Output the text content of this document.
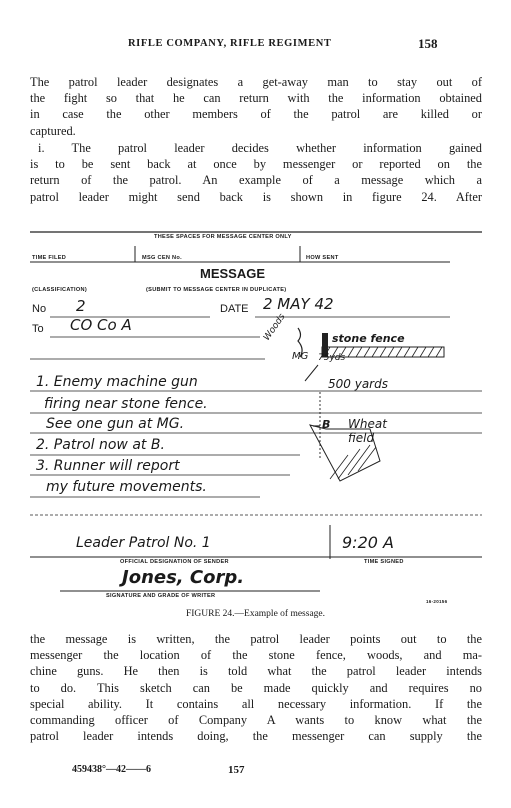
RIFLE COMPANY, RIFLE REGIMENT	158
The patrol leader designates a get-away man to stay out of
the fight so that he can return with the information obtained
in case the other members of the patrol are killed or
captured.
i. The patrol leader decides whether information gained
is to be sent back at once by messenger or reported on the
return of the patrol. An example of a message which a
patrol leader might send back is shown in figure 24. After
THESE SPACES FOR MESSAGE CENTER ONLY
TIME FILED	MSG CEN No.	HOW SENT
MESSAGE
(CLASSIFICATION)	(SUBMIT TO MESSAGE CENTER IN DUPLICATE)
No 2	DATE 2 MAY 42
To CO Co A
1. Enemy machine gun
firing near stone fence.
See one gun at MG.
2. Patrol now at B.
3. Runner will report
my future movements.
Woods	stone fence
MG 75yds
500 yards
B Wheat field
Leader Patrol No. 1
OFFICIAL DESIGNATION OF SENDER
9:20 A
TIME SIGNED
Jones, Corp.
SIGNATURE AND GRADE OF WRITER
16-20156
FIGURE 24.—Example of message.
the message is written, the patrol leader points out to the
messenger the location of the stone fence, woods, and ma-
chine guns. He then is told what the patrol leader intends
to do. This sketch can be made quickly and requires no
special ability. It contains all necessary information. If the
commanding officer of Company A wants to know what the
patrol leader intends doing, the messenger can supply the
459438°—42——6	157
